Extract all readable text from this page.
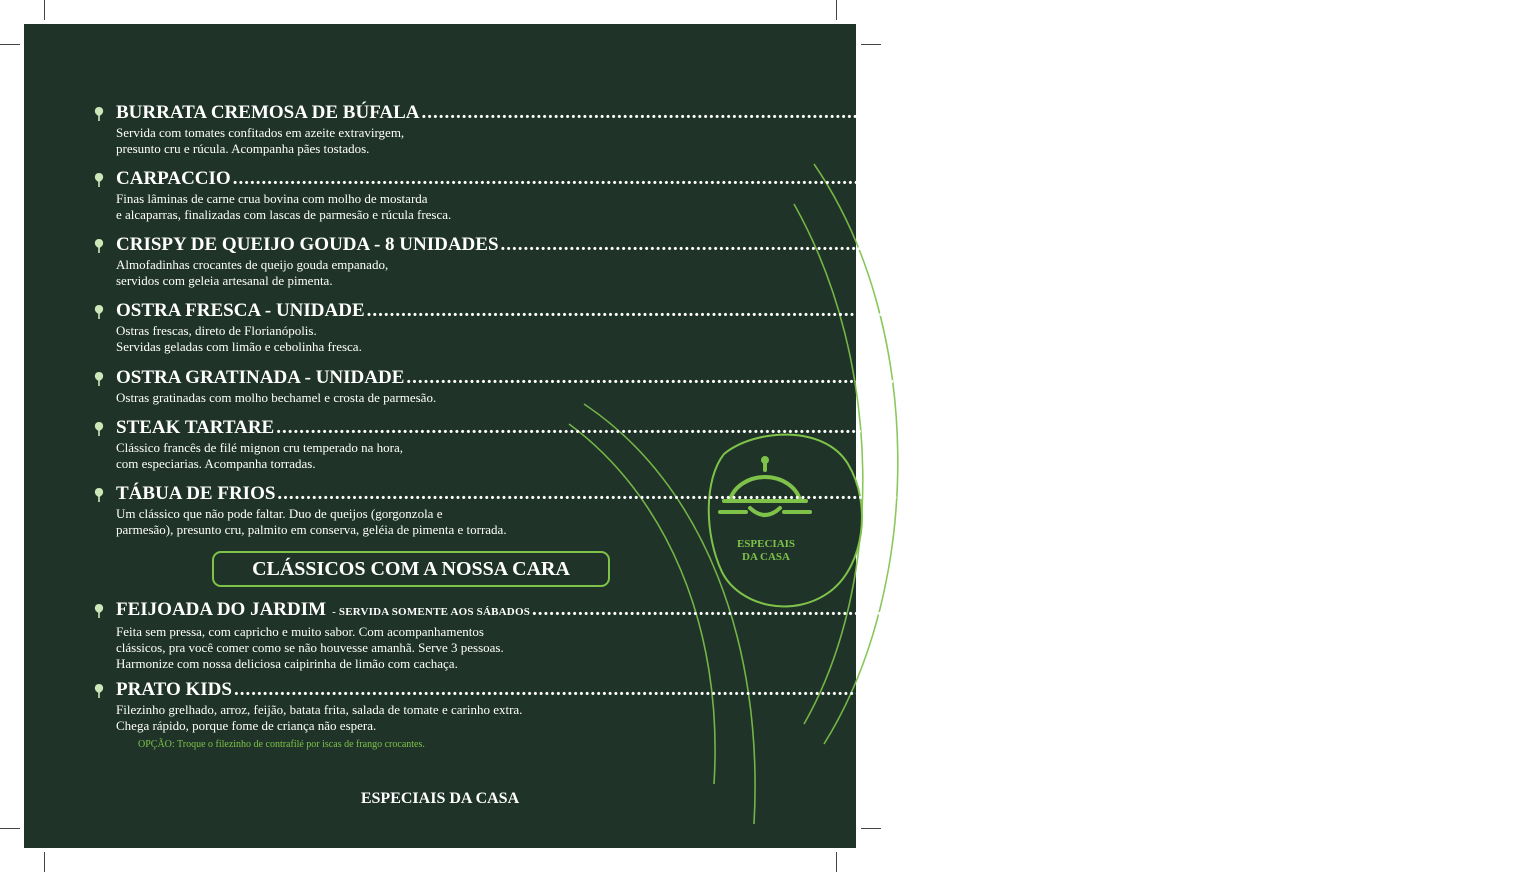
ESPECIAIS
DA CASA
BURRATA CREMOSA DE BÚFALA ................................................................................................................................................................ R$ 89,90
Servida com tomates confitados em azeite extravirgem,
presunto cru e rúcula. Acompanha pães tostados.
CARPACCIO ................................................................................................................................................................ R$ 59,90
Finas lâminas de carne crua bovina com molho de mostarda
e alcaparras, finalizadas com lascas de parmesão e rúcula fresca.
CRISPY DE QUEIJO GOUDA - 8 UNIDADES ................................................................................................................................................................ R$ 45,90
Almofadinhas crocantes de queijo gouda empanado,
servidos com geleia artesanal de pimenta.
OSTRA FRESCA - UNIDADE ................................................................................................................................................................ R$ 12,90
Ostras frescas, direto de Florianópolis.
Servidas geladas com limão e cebolinha fresca.
OSTRA GRATINADA - UNIDADE ................................................................................................................................................................ R$ 15,90
Ostras gratinadas com molho bechamel e crosta de parmesão.
STEAK TARTARE ................................................................................................................................................................ R$ 89,90
Clássico francês de filé mignon cru temperado na hora,
com especiarias. Acompanha torradas.
TÁBUA DE FRIOS ................................................................................................................................................................ R$ 99,90
Um clássico que não pode faltar. Duo de queijos (gorgonzola e
parmesão), presunto cru, palmito em conserva, geléia de pimenta e torrada.
CLÁSSICOS COM A NOSSA CARA
FEIJOADA DO JARDIM - SERVIDA SOMENTE AOS SÁBADOS ................................................................................................................................................................ R$ 129,90
Feita sem pressa, com capricho e muito sabor. Com acompanhamentos
clássicos, pra você comer como se não houvesse amanhã. Serve 3 pessoas.
Harmonize com nossa deliciosa caipirinha de limão com cachaça.
PRATO KIDS ................................................................................................................................................................ R$ 39,90
Filezinho grelhado, arroz, feijão, batata frita, salada de tomate e carinho extra.
Chega rápido, porque fome de criança não espera.
OPÇÃO: Troque o filezinho de contrafilé por iscas de frango crocantes.
ESPECIAIS DA CASA
